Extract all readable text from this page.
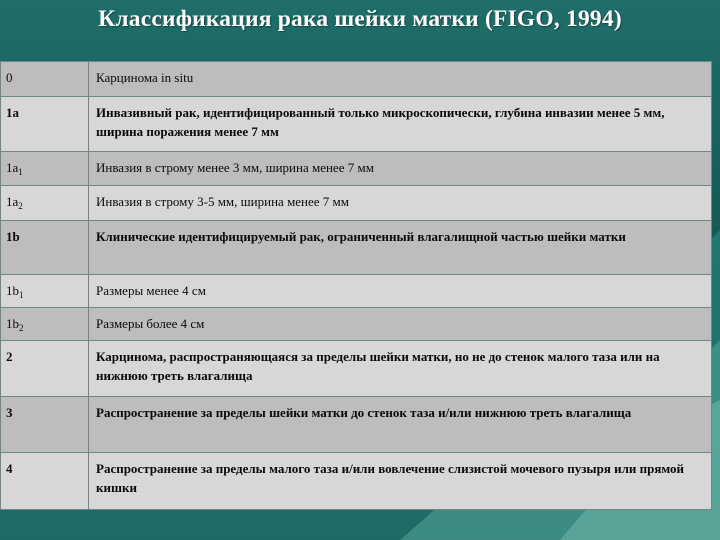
Классификация рака шейки матки (FIGO, 1994)
0	Карцинома in situ
1a	Инвазивный рак, идентифицированный только микроскопически, глубина инвазии менее 5 мм, ширина поражения менее 7 мм
$1a_1$	Инвазия в строму менее 3 мм, ширина менее 7 мм
$1a_2$	Инвазия в строму 3-5 мм, ширина менее 7 мм
1b	Клинические идентифицируемый рак, ограниченный влагалищной частью шейки матки
$1b_1$	Размеры менее 4 см
$1b_2$	Размеры более 4 см
2	Карцинома, распространяющаяся за пределы шейки матки, но не до стенок малого таза или на нижнюю треть влагалища
3	Распространение за пределы шейки матки до стенок таза и/или нижнюю треть влагалища
4	Распространение за пределы малого таза и/или вовлечение слизистой мочевого пузыря или прямой кишки
